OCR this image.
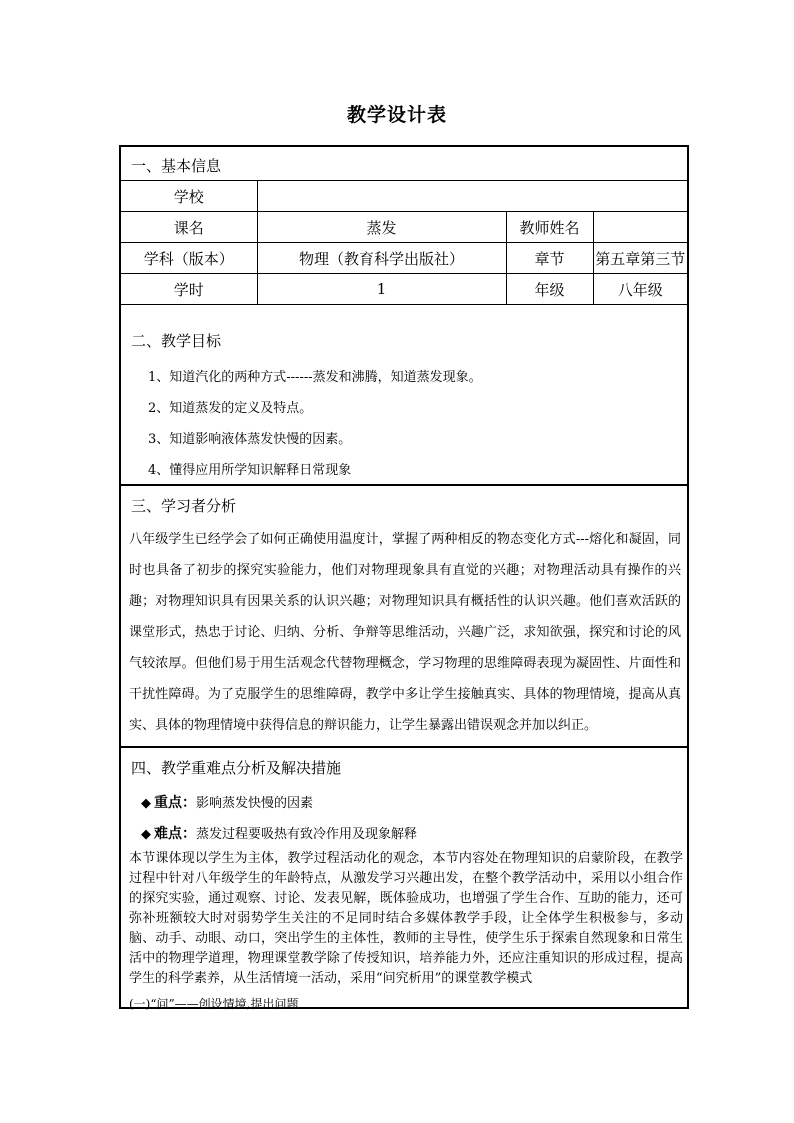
教学设计表
一、基本信息
学校			
课名	蒸发	教师姓名	
学科（版本）	物理（教育科学出版社）	章节	第五章第三节
学时	1	年级	八年级
二、教学目标
1、知道汽化的两种方式------蒸发和沸腾，知道蒸发现象。
2、知道蒸发的定义及特点。
3、知道影响液体蒸发快慢的因素。
4、懂得应用所学知识解释日常现象
三、学习者分析
八年级学生已经学会了如何正确使用温度计，掌握了两种相反的物态变化方式---熔化和凝固，同时也具备了初步的探究实验能力，他们对物理现象具有直觉的兴趣；对物理活动具有操作的兴趣；对物理知识具有因果关系的认识兴趣；对物理知识具有概括性的认识兴趣。他们喜欢活跃的课堂形式，热忠于讨论、归纳、分析、争辩等思维活动，兴趣广泛，求知欲强，探究和讨论的风气较浓厚。但他们易于用生活观念代替物理概念，学习物理的思维障碍表现为凝固性、片面性和干扰性障碍。为了克服学生的思维障碍，教学中多让学生接触真实、具体的物理情境，提高从真实、具体的物理情境中获得信息的辩识能力，让学生暴露出错误观念并加以纠正。
四、教学重难点分析及解决措施
◆ 重点：影响蒸发快慢的因素
◆ 难点：蒸发过程要吸热有致冷作用及现象解释
本节课体现以学生为主体，教学过程活动化的观念，本节内容处在物理知识的启蒙阶段，在教学过程中针对八年级学生的年龄特点，从激发学习兴趣出发，在整个教学活动中，采用以小组合作的探究实验，通过观察、讨论、发表见解，既体验成功，也增强了学生合作、互助的能力，还可弥补班额较大时对弱势学生关注的不足同时结合多媒体教学手段，让全体学生积极参与，多动脑、动手、动眼、动口，突出学生的主体性，教师的主导性，使学生乐于探索自然现象和日常生活中的物理学道理，物理课堂教学除了传授知识，培养能力外，还应注重知识的形成过程，提高学生的科学素养，从生活情境一活动，采用“问究析用”的课堂教学模式
(一)“问”——创设情境,提出问题
